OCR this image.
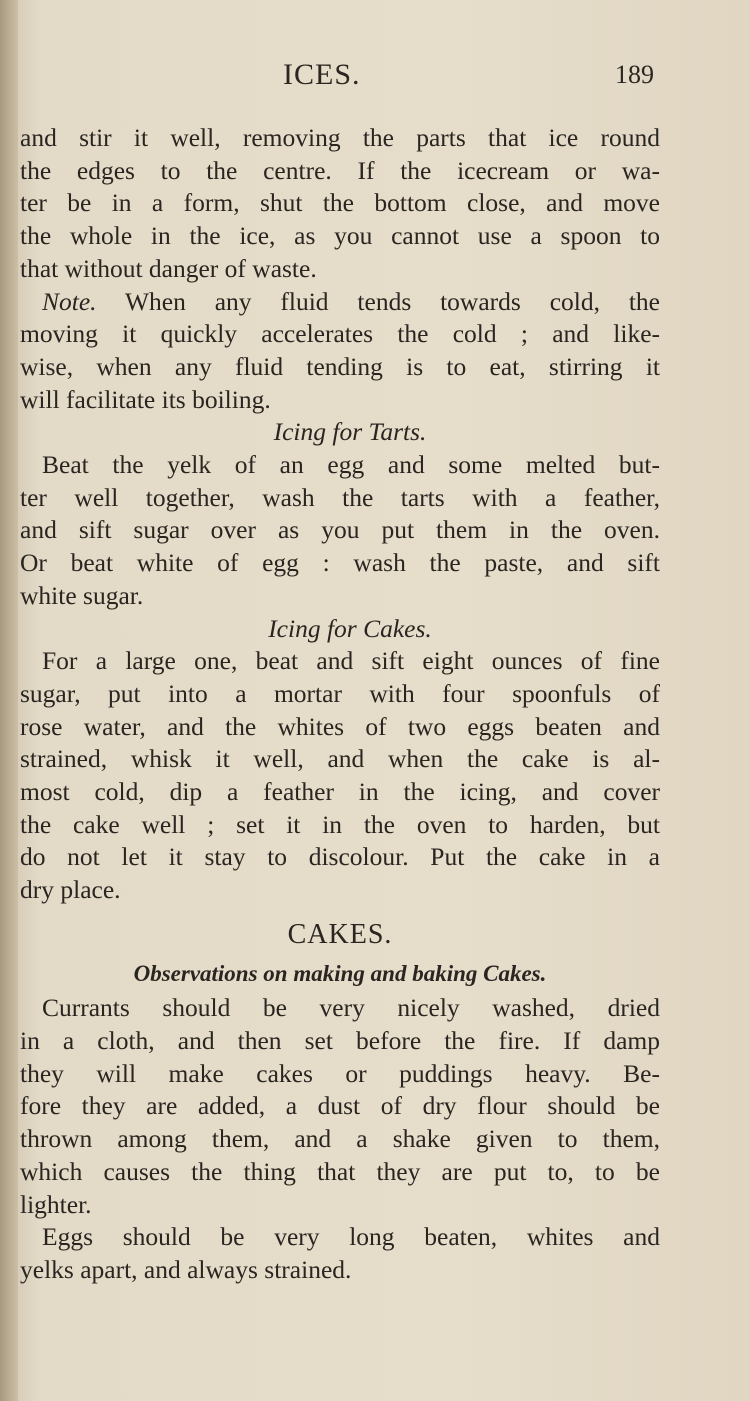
ICES.	189
and stir it well, removing the parts that ice round
the edges to the centre. If the icecream or wa-
ter be in a form, shut the bottom close, and move
the whole in the ice, as you cannot use a spoon to
that without danger of waste.
Note. When any fluid tends towards cold, the
moving it quickly accelerates the cold ; and like-
wise, when any fluid tending is to eat, stirring it
will facilitate its boiling.
Icing for Tarts.
Beat the yelk of an egg and some melted but-
ter well together, wash the tarts with a feather,
and sift sugar over as you put them in the oven.
Or beat white of egg : wash the paste, and sift
white sugar.
Icing for Cakes.
For a large one, beat and sift eight ounces of fine
sugar, put into a mortar with four spoonfuls of
rose water, and the whites of two eggs beaten and
strained, whisk it well, and when the cake is al-
most cold, dip a feather in the icing, and cover
the cake well ; set it in the oven to harden, but
do not let it stay to discolour. Put the cake in a
dry place.
CAKES.
Observations on making and baking Cakes.
Currants should be very nicely washed, dried
in a cloth, and then set before the fire. If damp
they will make cakes or puddings heavy. Be-
fore they are added, a dust of dry flour should be
thrown among them, and a shake given to them,
which causes the thing that they are put to, to be
lighter.
Eggs should be very long beaten, whites and
yelks apart, and always strained.
